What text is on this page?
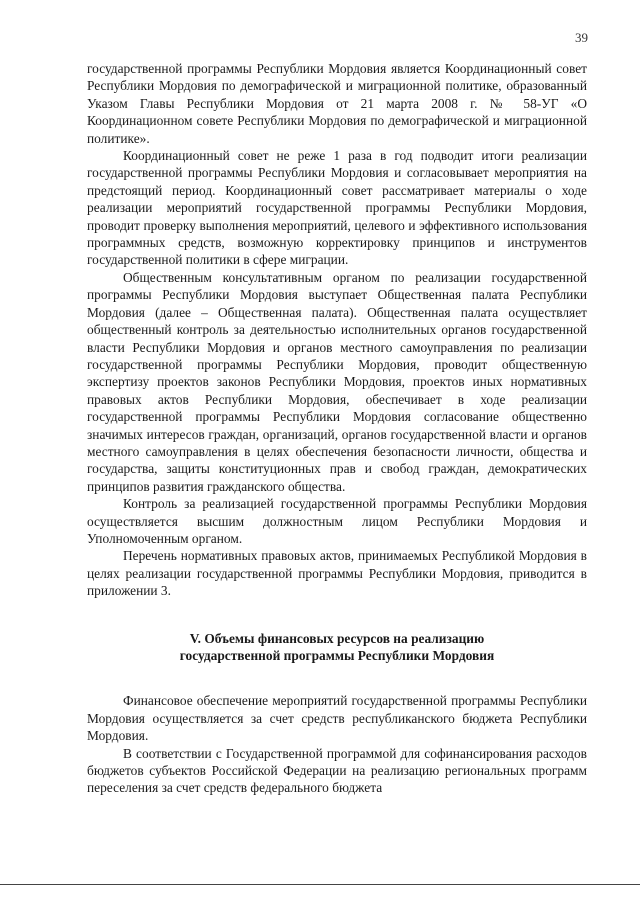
39

государственной программы Республики Мордовия является Координационный совет Республики Мордовия по демографической и миграционной политике, образованный Указом Главы Республики Мордовия от 21 марта 2008 г. № 58-УГ «О Координационном совете Республики Мордовия по демографической и миграционной политике».

Координационный совет не реже 1 раза в год подводит итоги реализации государственной программы Республики Мордовия и согласовывает мероприятия на предстоящий период. Координационный совет рассматривает материалы о ходе реализации мероприятий государственной программы Республики Мордовия, проводит проверку выполнения мероприятий, целевого и эффективного использования программных средств, возможную корректировку принципов и инструментов государственной политики в сфере миграции.

Общественным консультативным органом по реализации государственной программы Республики Мордовия выступает Общественная палата Республики Мордовия (далее – Общественная палата). Общественная палата осуществляет общественный контроль за деятельностью исполнительных органов государственной власти Республики Мордовия и органов местного самоуправления по реализации государственной программы Республики Мордовия, проводит общественную экспертизу проектов законов Республики Мордовия, проектов иных нормативных правовых актов Республики Мордовия, обеспечивает в ходе реализации государственной программы Республики Мордовия согласование общественно значимых интересов граждан, организаций, органов государственной власти и органов местного самоуправления в целях обеспечения безопасности личности, общества и государства, защиты конституционных прав и свобод граждан, демократических принципов развития гражданского общества.

Контроль за реализацией государственной программы Республики Мордовия осуществляется высшим должностным лицом Республики Мордовия и Уполномоченным органом.

Перечень нормативных правовых актов, принимаемых Республикой Мордовия в целях реализации государственной программы Республики Мордовия, приводится в приложении 3.

V. Объемы финансовых ресурсов на реализацию
государственной программы Республики Мордовия

Финансовое обеспечение мероприятий государственной программы Республики Мордовия осуществляется за счет средств республиканского бюджета Республики Мордовия.

В соответствии с Государственной программой для софинансирования расходов бюджетов субъектов Российской Федерации на реализацию региональных программ переселения за счет средств федерального бюджета
